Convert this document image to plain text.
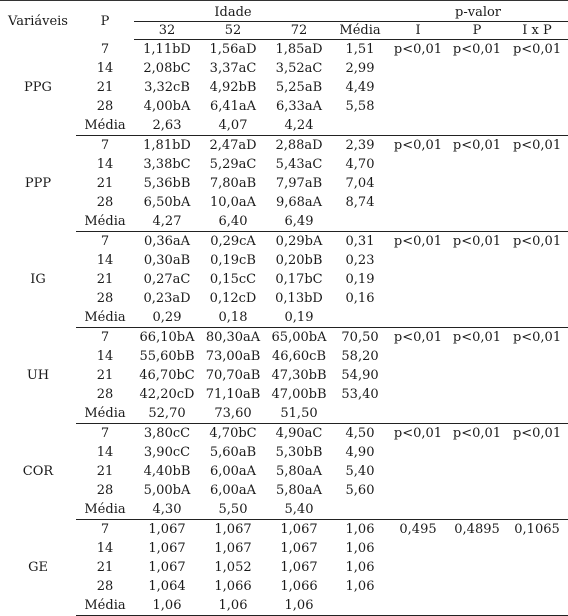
Variáveis	P	Idade				p-valor		
		32	52	72	Média	I	P	I x P
PPG	7	1,11bD	1,56aD	1,85aD	1,51	p<0,01	p<0,01	p<0,01
	14	2,08bC	3,37aC	3,52aC	2,99			
	21	3,32cB	4,92bB	5,25aB	4,49			
	28	4,00bA	6,41aA	6,33aA	5,58			
	Média	2,63	4,07	4,24				
PPP	7	1,81bD	2,47aD	2,88aD	2,39	p<0,01	p<0,01	p<0,01
	14	3,38bC	5,29aC	5,43aC	4,70			
	21	5,36bB	7,80aB	7,97aB	7,04			
	28	6,50bA	10,0aA	9,68aA	8,74			
	Média	4,27	6,40	6,49				
IG	7	0,36aA	0,29cA	0,29bA	0,31	p<0,01	p<0,01	p<0,01
	14	0,30aB	0,19cB	0,20bB	0,23			
	21	0,27aC	0,15cC	0,17bC	0,19			
	28	0,23aD	0,12cD	0,13bD	0,16			
	Média	0,29	0,18	0,19				
UH	7	66,10bA	80,30aA	65,00bA	70,50	p<0,01	p<0,01	p<0,01
	14	55,60bB	73,00aB	46,60cB	58,20			
	21	46,70bC	70,70aB	47,30bB	54,90			
	28	42,20cD	71,10aB	47,00bB	53,40			
	Média	52,70	73,60	51,50				
COR	7	3,80cC	4,70bC	4,90aC	4,50	p<0,01	p<0,01	p<0,01
	14	3,90cC	5,60aB	5,30bB	4,90			
	21	4,40bB	6,00aA	5,80aA	5,40			
	28	5,00bA	6,00aA	5,80aA	5,60			
	Média	4,30	5,50	5,40				
GE	7	1,067	1,067	1,067	1,06	0,495	0,4895	0,1065
	14	1,067	1,067	1,067	1,06			
	21	1,067	1,052	1,067	1,06			
	28	1,064	1,066	1,066	1,06			
	Média	1,06	1,06	1,06				
